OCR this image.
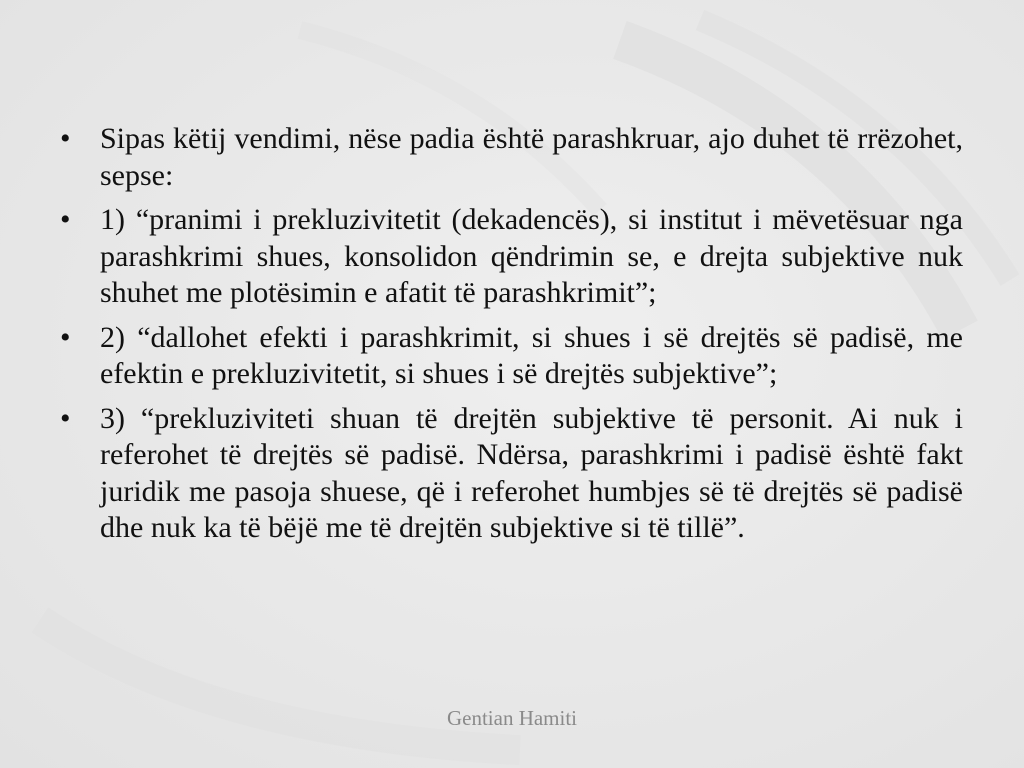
• Sipas këtij vendimi, nëse padia është parashkruar, ajo duhet të rrëzohet, sepse:
• 1) “pranimi i prekluzivitetit (dekadencës), si institut i mëvetësuar nga parashkrimi shues, konsolidon qëndrimin se, e drejta subjektive nuk shuhet me plotësimin e afatit të parashkrimit”;
• 2) “dallohet efekti i parashkrimit, si shues i së drejtës së padisë, me efektin e prekluzivitetit, si shues i së drejtës subjektive”;
• 3) “prekluziviteti shuan të drejtën subjektive të personit. Ai nuk i referohet të drejtës së padisë. Ndërsa, parashkrimi i padisë është fakt juridik me pasoja shuese, që i referohet humbjes së të drejtës së padisë dhe nuk ka të bëjë me të drejtën subjektive si të tillë”.
Gentian Hamiti
